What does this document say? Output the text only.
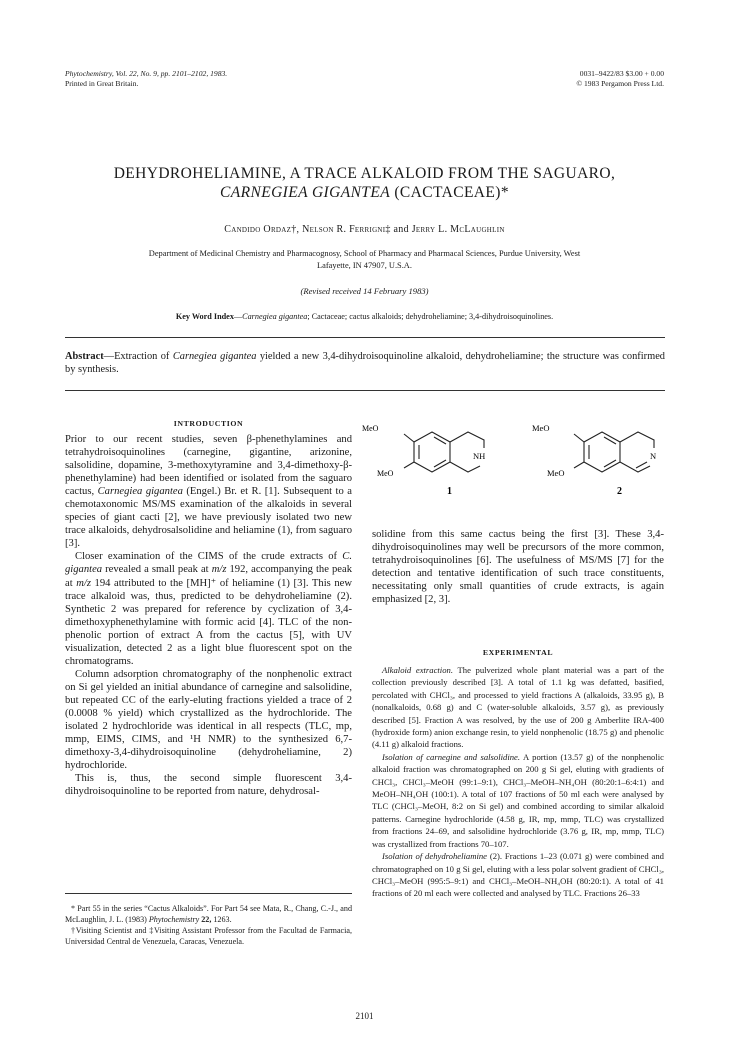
Phytochemistry, Vol. 22, No. 9, pp. 2101–2102, 1983.
Printed in Great Britain.
0031–9422/83 $3.00 + 0.00
© 1983 Pergamon Press Ltd.
DEHYDROHELIAMINE, A TRACE ALKALOID FROM THE SAGUARO,
CARNEGIEA GIGANTEA (CACTACEAE)*
Candido Ordaz†, Nelson R. Ferrigni‡ and Jerry L. McLaughlin
Department of Medicinal Chemistry and Pharmacognosy, School of Pharmacy and Pharmacal Sciences, Purdue University, West
Lafayette, IN 47907, U.S.A.
(Revised received 14 February 1983)
Key Word Index—Carnegiea gigantea; Cactaceae; cactus alkaloids; dehydroheliamine; 3,4-dihydroisoquinolines.
Abstract—Extraction of Carnegiea gigantea yielded a new 3,4-dihydroisoquinoline alkaloid, dehydroheliamine; the structure was confirmed by synthesis.
INTRODUCTION

Prior to our recent studies, seven β-phenethylamines and tetrahydroisoquinolines (carnegine, gigantine, arizonine, salsolidine, dopamine, 3-methoxytyramine and 3,4-dimethoxy-β-phenethylamine) had been identified or isolated from the saguaro cactus, Carnegiea gigantea (Engel.) Br. et R. [1]. Subsequent to a chemotaxonomic MS/MS examination of the alkaloids in several species of giant cacti [2], we have previously isolated two new trace alkaloids, dehydrosalsolidine and heliamine (1), from saguaro [3].

Closer examination of the CIMS of the crude extracts of C. gigantea revealed a small peak at m/z 192, accompanying the peak at m/z 194 attributed to the [MH]⁺ of heliamine (1) [3]. This new trace alkaloid was, thus, predicted to be dehydroheliamine (2). Synthetic 2 was prepared for reference by cyclization of 3,4-dimethoxyphenethylamine with formic acid [4]. TLC of the non-phenolic portion of extract A from the cactus [5], with UV visualization, detected 2 as a light blue fluorescent spot on the chromatograms.

Column adsorption chromatography of the nonphenolic extract on Si gel yielded an initial abundance of carnegine and salsolidine, but repeated CC of the early-eluting fractions yielded a trace of 2 (0.0008 % yield) which crystallized as the hydrochloride. The isolated 2 hydrochloride was identical in all respects (TLC, mp, mmp, EIMS, CIMS, and ¹H NMR) to the synthesized 6,7-dimethoxy-3,4-dihydroisoquinoline (dehydroheliamine, 2) hydrochloride.

This is, thus, the second simple fluorescent 3,4-dihydroisoquinoline to be reported from nature, dehydrosal-

* Part 55 in the series “Cactus Alkaloids”. For Part 54 see Mata, R., Chang, C.-J., and McLaughlin, J. L. (1983) Phytochemistry 22, 1263.

†Visiting Scientist and ‡Visiting Assistant Professor from the Facultad de Farmacia, Universidad Central de Venezuela, Caracas, Venezuela.

MeO
MeO
NH
1
MeO
MeO
N
2
solidine from this same cactus being the first [3]. These 3,4-dihydroisoquinolines may well be precursors of the more common, tetrahydroisoquinolines [6]. The usefulness of MS/MS [7] for the detection and tentative identification of such trace constituents, necessitating only small quantities of crude extracts, is again emphasized [2, 3].
EXPERIMENTAL

Alkaloid extraction. The pulverized whole plant material was a part of the collection previously described [3]. A total of 1.1 kg was defatted, basified, percolated with CHCl₃, and processed to yield fractions A (alkaloids, 33.95 g), B (nonalkaloids, 0.68 g) and C (water-soluble alkaloids, 3.57 g), as previously described [5]. Fraction A was resolved, by the use of 200 g Amberlite IRA-400 (hydroxide form) anion exchange resin, to yield nonphenolic (18.75 g) and phenolic (4.11 g) alkaloid fractions.

Isolation of carnegine and salsolidine. A portion (13.57 g) of the nonphenolic alkaloid fraction was chromatographed on 200 g Si gel, eluting with gradients of CHCl₃, CHCl₃–MeOH (99:1–9:1), CHCl₃–MeOH–NH₄OH (80:20:1–6:4:1) and MeOH–NH₄OH (100:1). A total of 107 fractions of 50 ml each were analysed by TLC (CHCl₃–MeOH, 8:2 on Si gel) and combined according to similar alkaloid patterns. Carnegine hydrochloride (4.58 g, IR, mp, mmp, TLC) was crystallized from fractions 24–69, and salsolidine hydrochloride (3.76 g, IR, mp, mmp, TLC) was crystallized from fractions 70–107.

Isolation of dehydroheliamine (2). Fractions 1–23 (0.071 g) were combined and chromatographed on 10 g Si gel, eluting with a less polar solvent gradient of CHCl₃, CHCl₃–MeOH (995:5–9:1) and CHCl₃–MeOH–NH₄OH (80:20:1). A total of 41 fractions of 20 ml each were collected and analysed by TLC. Fractions 26–33

2101
